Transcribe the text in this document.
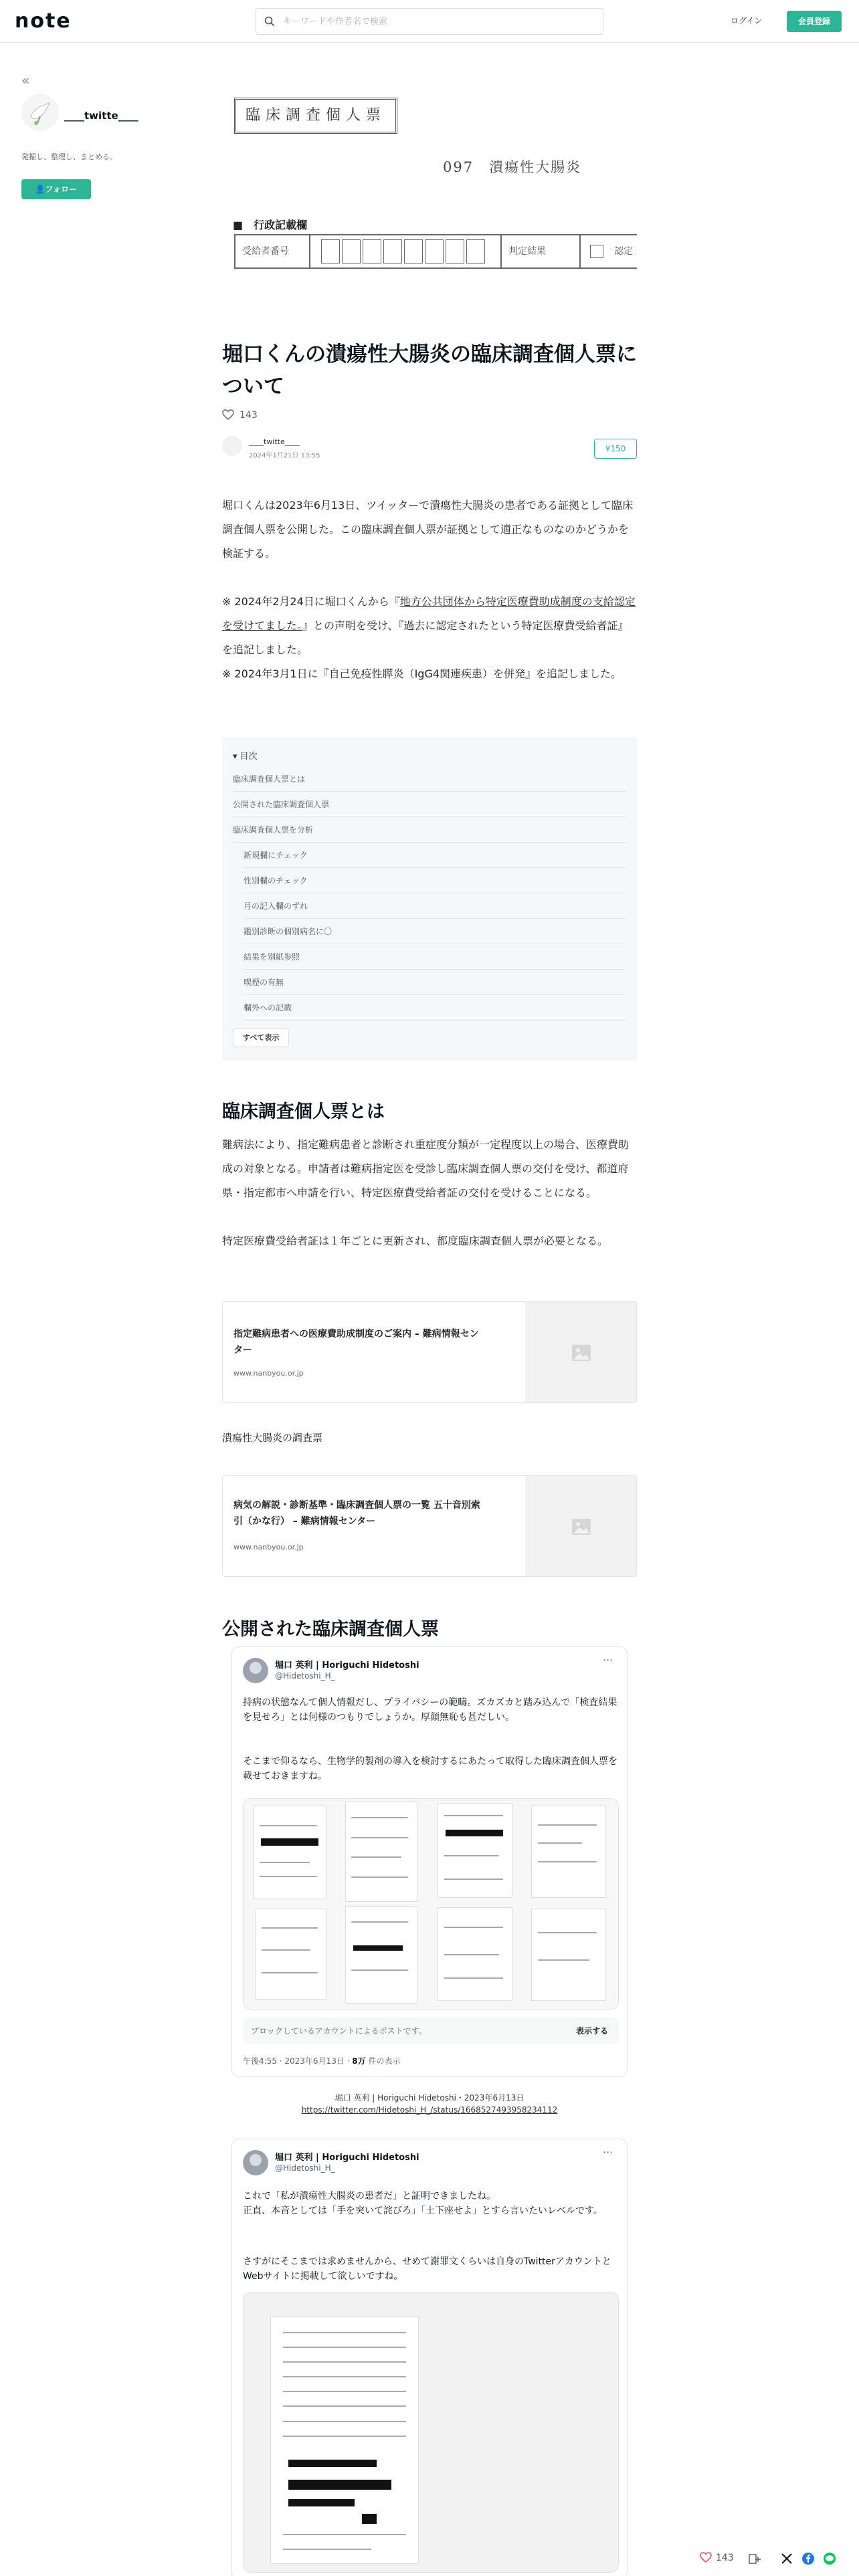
note
キーワードや作者名で検索	ログイン	会員登録
«
____twitte____
発掘し、整理し、まとめる。
👤フォロー
臨床調査個人票
097　潰瘍性大腸炎
■　行政記載欄
受給者番号	判定結果	認定
堀口くんの潰瘍性大腸炎の臨床調査個人票について
143
____twitte____
2024年1月21日 13:55
¥150
堀口くんは2023年6月13日、ツイッターで潰瘍性大腸炎の患者である証拠として臨床調査個人票を公開した。この臨床調査個人票が証拠として適正なものなのかどうかを検証する。
※ 2024年2月24日に堀口くんから『地方公共団体から特定医療費助成制度の支給認定を受けてました。』との声明を受け、『過去に認定されたという特定医療費受給者証』を追記しました。
※ 2024年3月1日に『自己免疫性膵炎（IgG4関連疾患）を併発』を追記しました。
▾ 目次
臨床調査個人票とは
公開された臨床調査個人票
臨床調査個人票を分析
新規欄にチェック
性別欄のチェック
月の記入欄のずれ
鑑別診断の個別病名に〇
結果を別紙参照
喫煙の有無
欄外への記載
すべて表示
臨床調査個人票とは
難病法により、指定難病患者と診断され重症度分類が一定程度以上の場合、医療費助成の対象となる。申請者は難病指定医を受診し臨床調査個人票の交付を受け、都道府県・指定都市へ申請を行い、特定医療費受給者証の交付を受けることになる。
特定医療費受給者証は１年ごとに更新され、都度臨床調査個人票が必要となる。
指定難病患者への医療費助成制度のご案内 – 難病情報センター
www.nanbyou.or.jp
潰瘍性大腸炎の調査票
病気の解説・診断基準・臨床調査個人票の一覧 五十音別索引（かな行） – 難病情報センター
www.nanbyou.or.jp
公開された臨床調査個人票
堀口 英利 | Horiguchi Hidetoshi
@Hidetoshi_H_
···
持病の状態なんて個人情報だし、プライバシーの範疇。ズカズカと踏み込んで「検査結果を見せろ」とは何様のつもりでしょうか。厚顔無恥も甚だしい。
そこまで仰るなら、生物学的製剤の導入を検討するにあたって取得した臨床調査個人票を載せておきますね。
ブロックしているアカウントによるポストです。	表示する
午後4:55 · 2023年6月13日 · 8万 件の表示
堀口 英利 | Horiguchi Hidetoshi・2023年6月13日
https://twitter.com/Hidetoshi_H_/status/1668527493958234112
堀口 英利 | Horiguchi Hidetoshi
@Hidetoshi_H_
···
これで「私が潰瘍性大腸炎の患者だ」と証明できましたね。
正直、本音としては「手を突いて詫びろ」「土下座せよ」とすら言いたいレベルです。
さすがにそこまでは求めませんから、せめて謝罪文くらいは自身のTwitterアカウントとWebサイトに掲載して欲しいですね。
143
